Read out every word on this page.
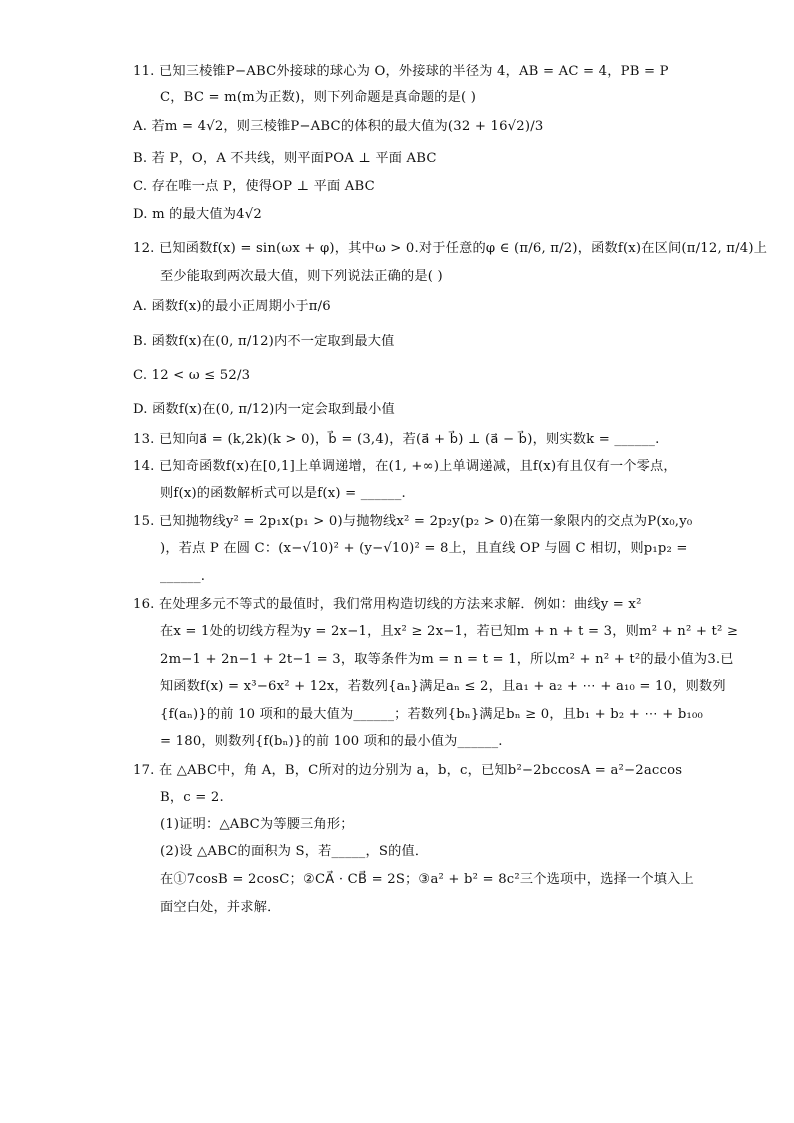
11. 已知三棱锥P−ABC外接球的球心为 O，外接球的半径为 4，AB = AC = 4，PB = P
C，BC = m(m为正数)，则下列命题是真命题的是( )
A. 若m = 4√2，则三棱锥P−ABC的体积的最大值为(32 + 16√2)/3
B. 若 P，O，A 不共线，则平面POA ⊥ 平面 ABC
C. 存在唯一点 P，使得OP ⊥ 平面 ABC
D. m 的最大值为4√2
12. 已知函数f(x) = sin(ωx + φ)，其中ω > 0.对于任意的φ ∈ (π/6, π/2)，函数f(x)在区间(π/12, π/4)上
至少能取到两次最大值，则下列说法正确的是( )
A. 函数f(x)的最小正周期小于π/6
B. 函数f(x)在(0, π/12)内不一定取到最大值
C. 12 < ω ≤ 52/3
D. 函数f(x)在(0, π/12)内一定会取到最小值
13. 已知向a⃗ = (k,2k)(k > 0)，b⃗ = (3,4)，若(a⃗ + b⃗) ⊥ (a⃗ − b⃗)，则实数k = ______.
14. 已知奇函数f(x)在[0,1]上单调递增，在(1, +∞)上单调递减，且f(x)有且仅有一个零点，
则f(x)的函数解析式可以是f(x) = ______.
15. 已知抛物线y² = 2p₁x(p₁ > 0)与抛物线x² = 2p₂y(p₂ > 0)在第一象限内的交点为P(x₀,y₀
)，若点 P 在圆 C：(x−√10)² + (y−√10)² = 8上，且直线 OP 与圆 C 相切，则p₁p₂ =
______.
16. 在处理多元不等式的最值时，我们常用构造切线的方法来求解．例如：曲线y = x²
在x = 1处的切线方程为y = 2x−1，且x² ≥ 2x−1，若已知m + n + t = 3，则m² + n² + t² ≥
2m−1 + 2n−1 + 2t−1 = 3，取等条件为m = n = t = 1，所以m² + n² + t²的最小值为3.已
知函数f(x) = x³−6x² + 12x，若数列{aₙ}满足aₙ ≤ 2，且a₁ + a₂ + ⋯ + a₁₀ = 10，则数列
{f(aₙ)}的前 10 项和的最大值为______；若数列{bₙ}满足bₙ ≥ 0，且b₁ + b₂ + ⋯ + b₁₀₀
= 180，则数列{f(bₙ)}的前 100 项和的最小值为______.
17. 在 △ABC中，角 A，B，C所对的边分别为 a，b，c，已知b²−2bccosA = a²−2accos
B，c = 2.
(1)证明：△ABC为等腰三角形；
(2)设 △ABC的面积为 S，若_____，S的值．
在①7cosB = 2cosC；②CA⃗ · CB⃗ = 2S；③a² + b² = 8c²三个选项中，选择一个填入上
面空白处，并求解．
